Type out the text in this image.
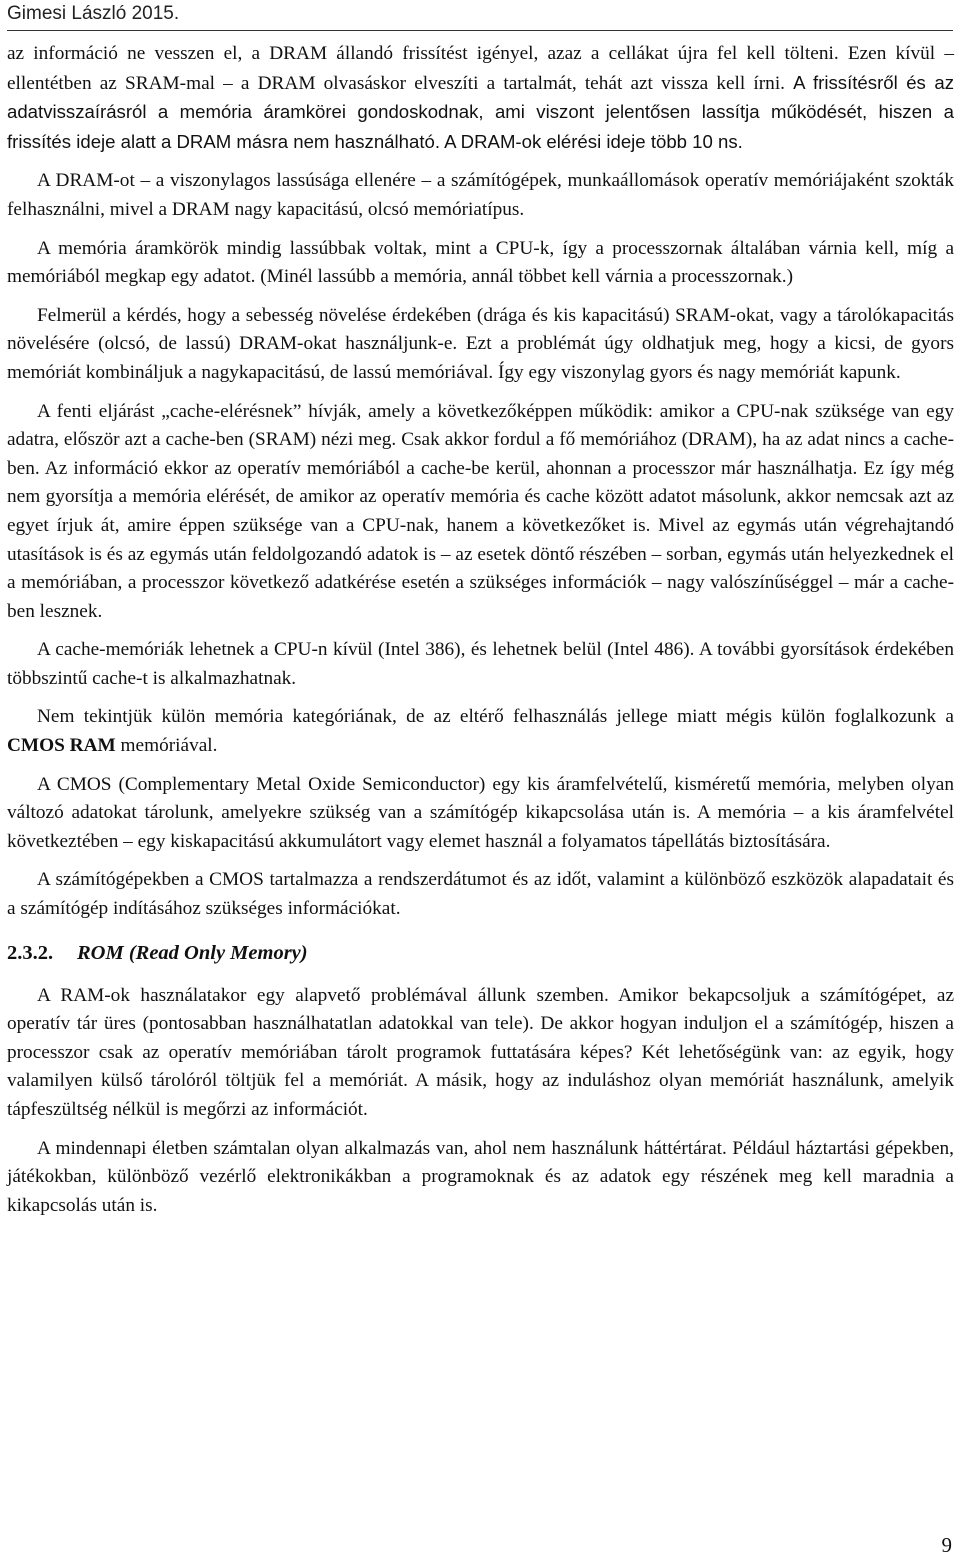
Gimesi László 2015.

az információ ne vesszen el, a DRAM állandó frissítést igényel, azaz a cellákat újra fel kell tölteni. Ezen kívül – ellentétben az SRAM-mal – a DRAM olvasáskor elveszíti a tartalmát, tehát azt vissza kell írni. A frissítésről és az adatvisszaírásról a memória áramkörei gondoskodnak, ami viszont jelentősen lassítja működését, hiszen a frissítés ideje alatt a DRAM másra nem használható. A DRAM-ok elérési ideje több 10 ns.

A DRAM-ot – a viszonylagos lassúsága ellenére – a számítógépek, munkaállomások operatív memóriájaként szokták felhasználni, mivel a DRAM nagy kapacitású, olcsó memóriatípus.

A memória áramkörök mindig lassúbbak voltak, mint a CPU-k, így a processzornak általában várnia kell, míg a memóriából megkap egy adatot. (Minél lassúbb a memória, annál többet kell várnia a processzornak.)

Felmerül a kérdés, hogy a sebesség növelése érdekében (drága és kis kapacitású) SRAM-okat, vagy a tárolókapacitás növelésére (olcsó, de lassú) DRAM-okat használjunk-e. Ezt a problémát úgy oldhatjuk meg, hogy a kicsi, de gyors memóriát kombináljuk a nagykapacitású, de lassú memóriával. Így egy viszonylag gyors és nagy memóriát kapunk.

A fenti eljárást „cache-elérésnek” hívják, amely a következőképpen működik: amikor a CPU-nak szüksége van egy adatra, először azt a cache-ben (SRAM) nézi meg. Csak akkor fordul a fő memóriához (DRAM), ha az adat nincs a cache-ben. Az információ ekkor az operatív memóriából a cache-be kerül, ahonnan a processzor már használhatja. Ez így még nem gyorsítja a memória elérését, de amikor az operatív memória és cache között adatot másolunk, akkor nemcsak azt az egyet írjuk át, amire éppen szüksége van a CPU-nak, hanem a következőket is. Mivel az egymás után végrehajtandó utasítások is és az egymás után feldolgozandó adatok is – az esetek döntő részében – sorban, egymás után helyezkednek el a memóriában, a processzor következő adatkérése esetén a szükséges információk – nagy valószínűséggel – már a cache-ben lesznek.

A cache-memóriák lehetnek a CPU-n kívül (Intel 386), és lehetnek belül (Intel 486). A további gyorsítások érdekében többszintű cache-t is alkalmazhatnak.

Nem tekintjük külön memória kategóriának, de az eltérő felhasználás jellege miatt mégis külön foglalkozunk a CMOS RAM memóriával.

A CMOS (Complementary Metal Oxide Semiconductor) egy kis áramfelvételű, kisméretű memória, melyben olyan változó adatokat tárolunk, amelyekre szükség van a számítógép kikapcsolása után is. A memória – a kis áramfelvétel következtében – egy kiskapacitású akkumulátort vagy elemet használ a folyamatos tápellátás biztosítására.

A számítógépekben a CMOS tartalmazza a rendszerdátumot és az időt, valamint a különböző eszközök alapadatait és a számítógép indításához szükséges információkat.

2.3.2. ROM (Read Only Memory)

A RAM-ok használatakor egy alapvető problémával állunk szemben. Amikor bekapcsoljuk a számítógépet, az operatív tár üres (pontosabban használhatatlan adatokkal van tele). De akkor hogyan induljon el a számítógép, hiszen a processzor csak az operatív memóriában tárolt programok futtatására képes? Két lehetőségünk van: az egyik, hogy valamilyen külső tárolóról töltjük fel a memóriát. A másik, hogy az induláshoz olyan memóriát használunk, amelyik tápfeszültség nélkül is megőrzi az információt.

A mindennapi életben számtalan olyan alkalmazás van, ahol nem használunk háttértárat. Például háztartási gépekben, játékokban, különböző vezérlő elektronikákban a programoknak és az adatok egy részének meg kell maradnia a kikapcsolás után is.

9
